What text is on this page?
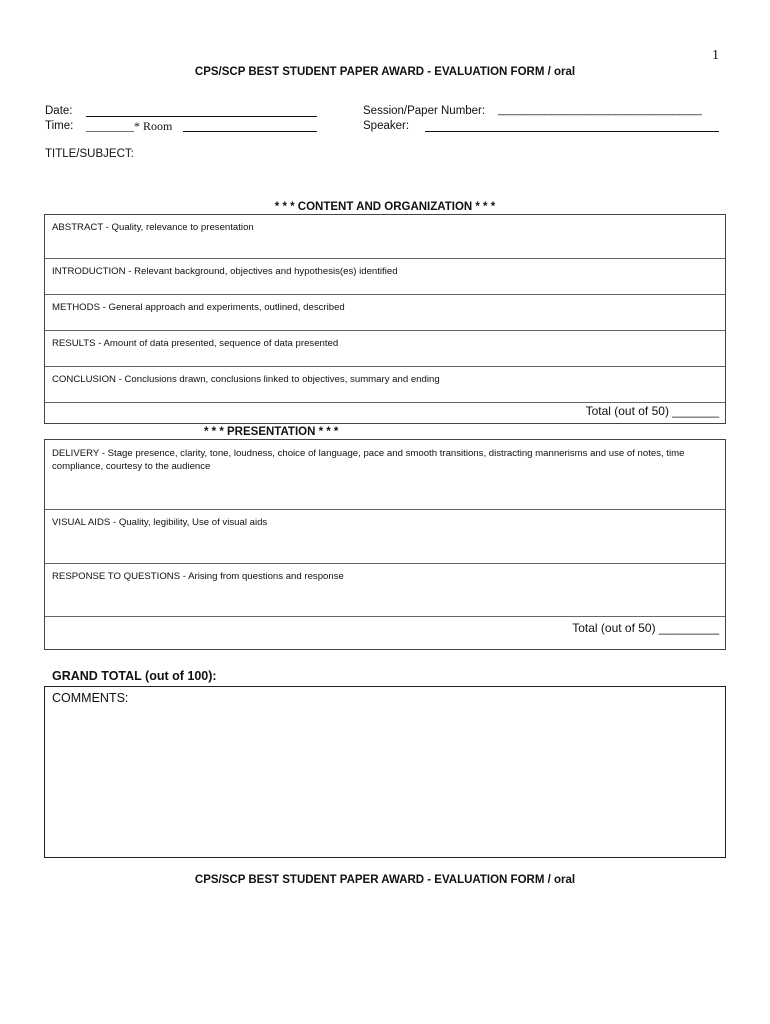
1
CPS/SCP BEST STUDENT PAPER AWARD - EVALUATION FORM / oral
Date:
Time: ________* Room
Session/Paper Number: ___________________________________
Speaker:
TITLE/SUBJECT:
* * * CONTENT AND ORGANIZATION * * *
ABSTRACT - Quality, relevance to presentation
INTRODUCTION - Relevant background, objectives and hypothesis(es) identified
METHODS - General approach and experiments, outlined, described
RESULTS - Amount of data presented, sequence of data presented
CONCLUSION - Conclusions drawn, conclusions linked to objectives, summary and ending
Total (out of 50) _______
* * * PRESENTATION * * *
DELIVERY - Stage presence, clarity, tone, loudness, choice of language, pace and smooth transitions, distracting mannerisms and use of notes, time compliance, courtesy to the audience
VISUAL AIDS - Quality, legibility, Use of visual aids
RESPONSE TO QUESTIONS - Arising from questions and response
Total (out of 50) _________
GRAND TOTAL (out of 100):
COMMENTS:
CPS/SCP BEST STUDENT PAPER AWARD - EVALUATION FORM / oral
